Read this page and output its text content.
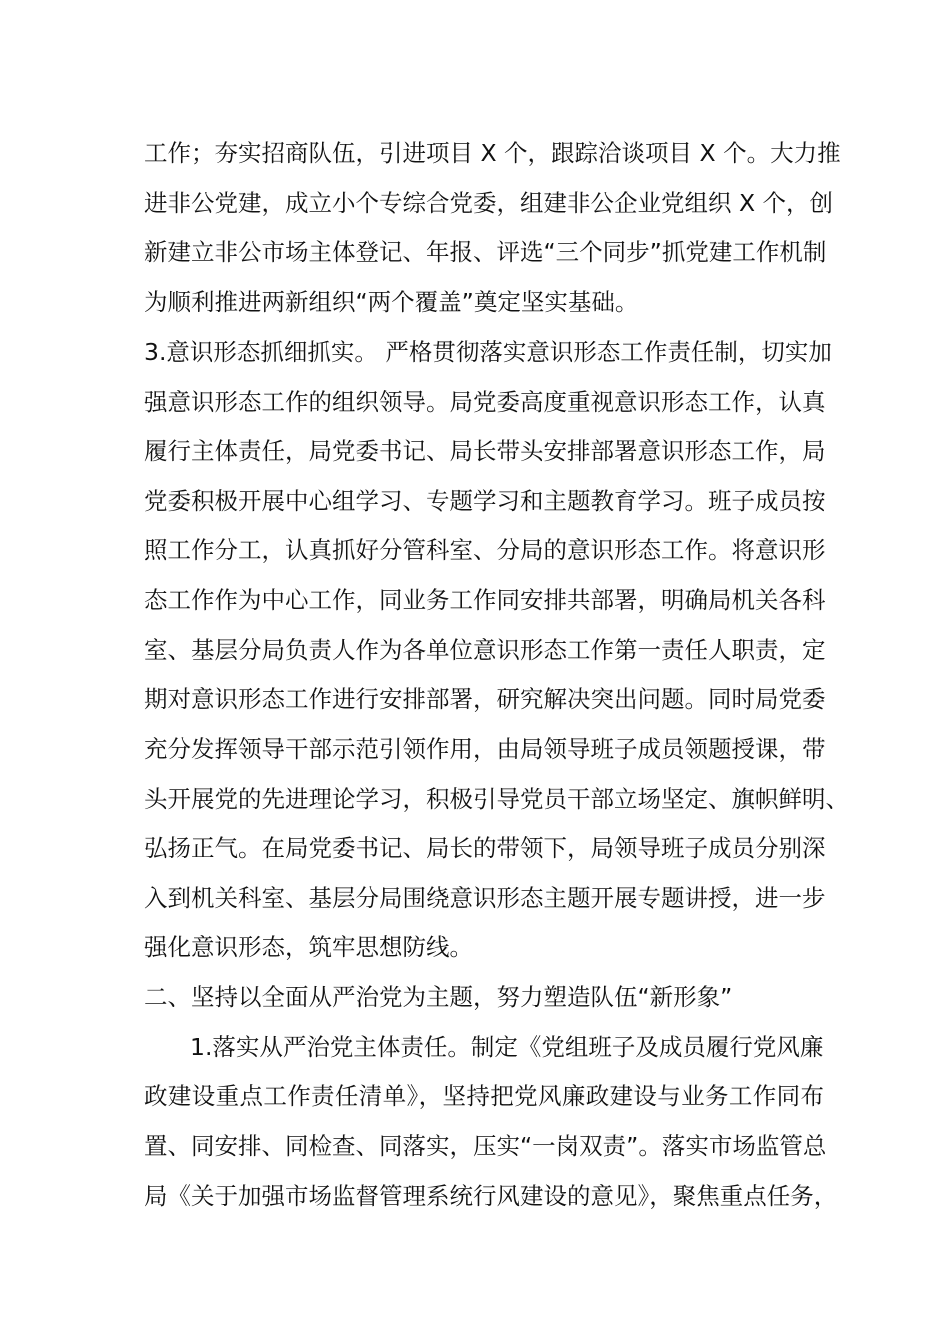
工作；夯实招商队伍，引进项目 X 个，跟踪洽谈项目 X 个。大力推
进非公党建，成立小个专综合党委，组建非公企业党组织 X 个，创
新建立非公市场主体登记、年报、评选“三个同步”抓党建工作机制
为顺利推进两新组织“两个覆盖”奠定坚实基础。
3.意识形态抓细抓实。 严格贯彻落实意识形态工作责任制，切实加
强意识形态工作的组织领导。局党委高度重视意识形态工作，认真
履行主体责任，局党委书记、局长带头安排部署意识形态工作，局
党委积极开展中心组学习、专题学习和主题教育学习。班子成员按
照工作分工，认真抓好分管科室、分局的意识形态工作。将意识形
态工作作为中心工作，同业务工作同安排共部署，明确局机关各科
室、基层分局负责人作为各单位意识形态工作第一责任人职责，定
期对意识形态工作进行安排部署，研究解决突出问题。同时局党委
充分发挥领导干部示范引领作用，由局领导班子成员领题授课，带
头开展党的先进理论学习，积极引导党员干部立场坚定、旗帜鲜明、
弘扬正气。在局党委书记、局长的带领下，局领导班子成员分别深
入到机关科室、基层分局围绕意识形态主题开展专题讲授，进一步
强化意识形态，筑牢思想防线。
二、坚持以全面从严治党为主题，努力塑造队伍“新形象”
1.落实从严治党主体责任。制定《党组班子及成员履行党风廉
政建设重点工作责任清单》，坚持把党风廉政建设与业务工作同布
置、同安排、同检查、同落实，压实“一岗双责”。落实市场监管总
局《关于加强市场监督管理系统行风建设的意见》，聚焦重点任务，
